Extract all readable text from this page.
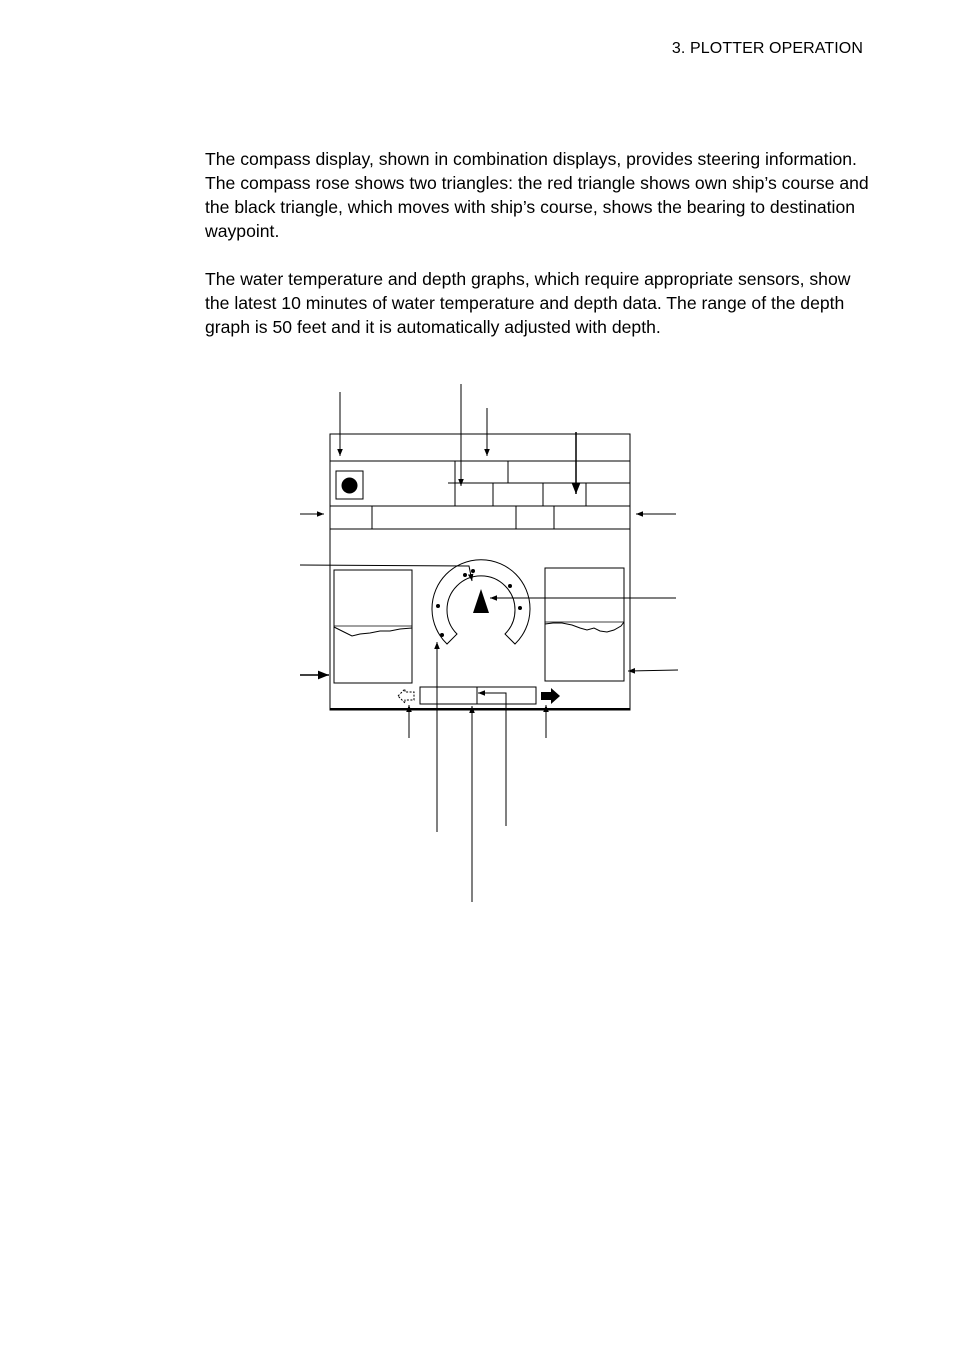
3. PLOTTER OPERATION

The compass display, shown in combination displays, provides steering information. The compass rose shows two triangles: the red triangle shows own ship’s course and the black triangle, which moves with ship’s course, shows the bearing to destination waypoint.

The water temperature and depth graphs, which require appropriate sensors, show the latest 10 minutes of water temperature and depth data. The range of the depth graph is 50 feet and it is automatically adjusted with depth.
